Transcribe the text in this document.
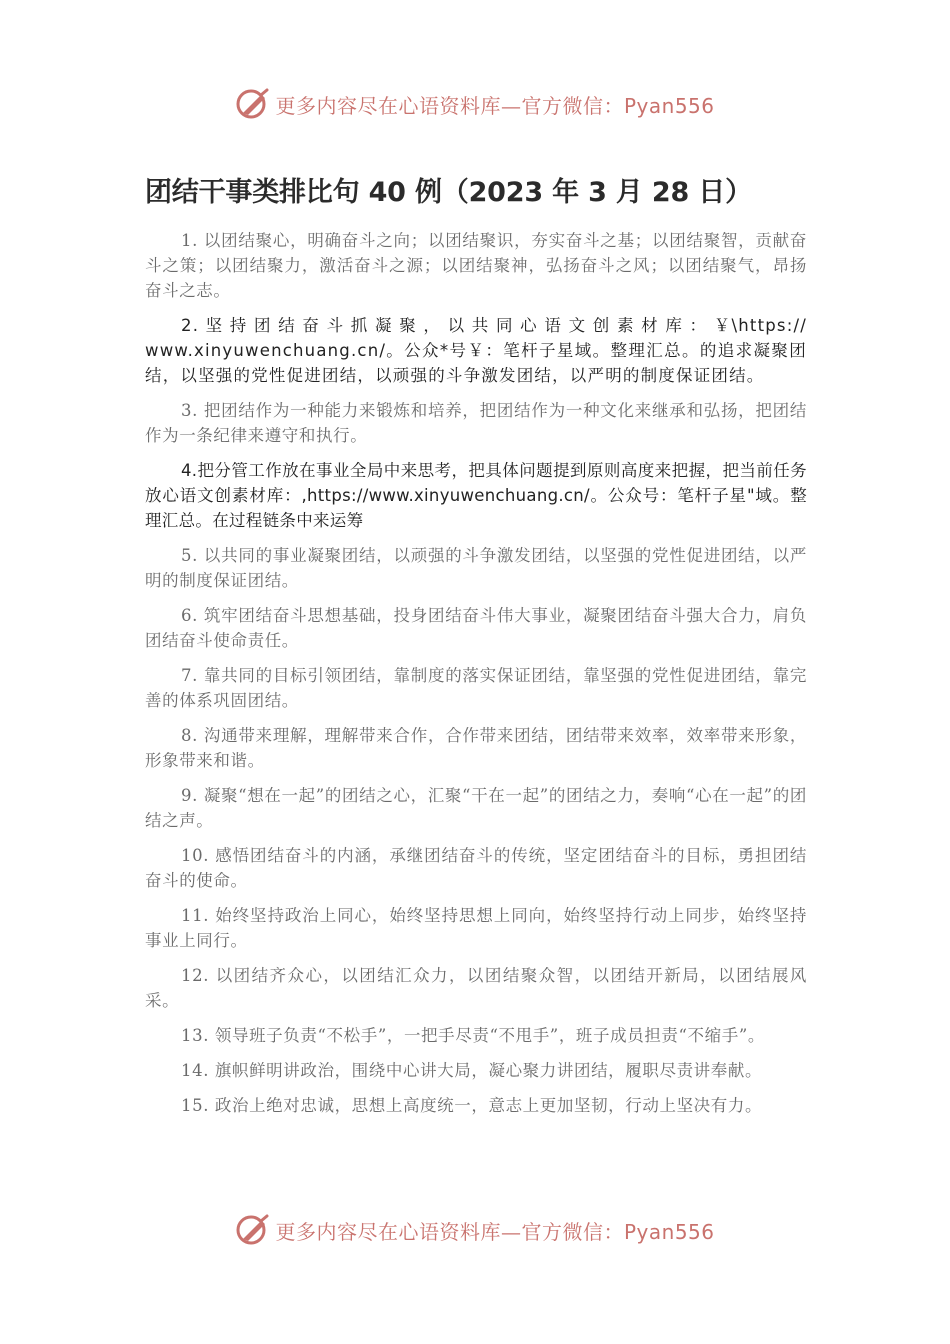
更多内容尽在心语资料库—官方微信：Pyan556
团结干事类排比句 40 例（2023 年 3 月 28 日）

1. 以团结聚心，明确奋斗之向；以团结聚识，夯实奋斗之基；以团结聚智，贡献奋斗之策；以团结聚力，激活奋斗之源；以团结聚神，弘扬奋斗之风；以团结聚气，昂扬奋斗之志。

2. 坚 持 团 结 奋 斗 抓 凝 聚 ， 以 共 同 心 语 文 创 素 材 库 ： ￥\https://www.xinyuwenchuang.cn/。公众*号￥：笔杆子星域。整理汇总。的追求凝聚团结，以坚强的党性促进团结，以顽强的斗争激发团结，以严明的制度保证团结。

3. 把团结作为一种能力来锻炼和培养，把团结作为一种文化来继承和弘扬，把团结作为一条纪律来遵守和执行。

4.把分管工作放在事业全局中来思考，把具体问题提到原则高度来把握，把当前任务放心语文创素材库：,https://www.xinyuwenchuang.cn/。公众号：笔杆子星"域。整理汇总。在过程链条中来运筹

5. 以共同的事业凝聚团结，以顽强的斗争激发团结，以坚强的党性促进团结，以严明的制度保证团结。

6. 筑牢团结奋斗思想基础，投身团结奋斗伟大事业，凝聚团结奋斗强大合力，肩负团结奋斗使命责任。

7. 靠共同的目标引领团结，靠制度的落实保证团结，靠坚强的党性促进团结，靠完善的体系巩固团结。

8. 沟通带来理解，理解带来合作，合作带来团结，团结带来效率，效率带来形象，形象带来和谐。

9. 凝聚“想在一起”的团结之心，汇聚“干在一起”的团结之力，奏响“心在一起”的团结之声。

10. 感悟团结奋斗的内涵，承继团结奋斗的传统，坚定团结奋斗的目标，勇担团结奋斗的使命。

11. 始终坚持政治上同心，始终坚持思想上同向，始终坚持行动上同步，始终坚持事业上同行。

12. 以团结齐众心，以团结汇众力，以团结聚众智，以团结开新局，以团结展风采。

13. 领导班子负责“不松手”，一把手尽责“不甩手”，班子成员担责“不缩手”。

14. 旗帜鲜明讲政治，围绕中心讲大局，凝心聚力讲团结，履职尽责讲奉献。

15. 政治上绝对忠诚，思想上高度统一，意志上更加坚韧，行动上坚决有力。

更多内容尽在心语资料库—官方微信：Pyan556
